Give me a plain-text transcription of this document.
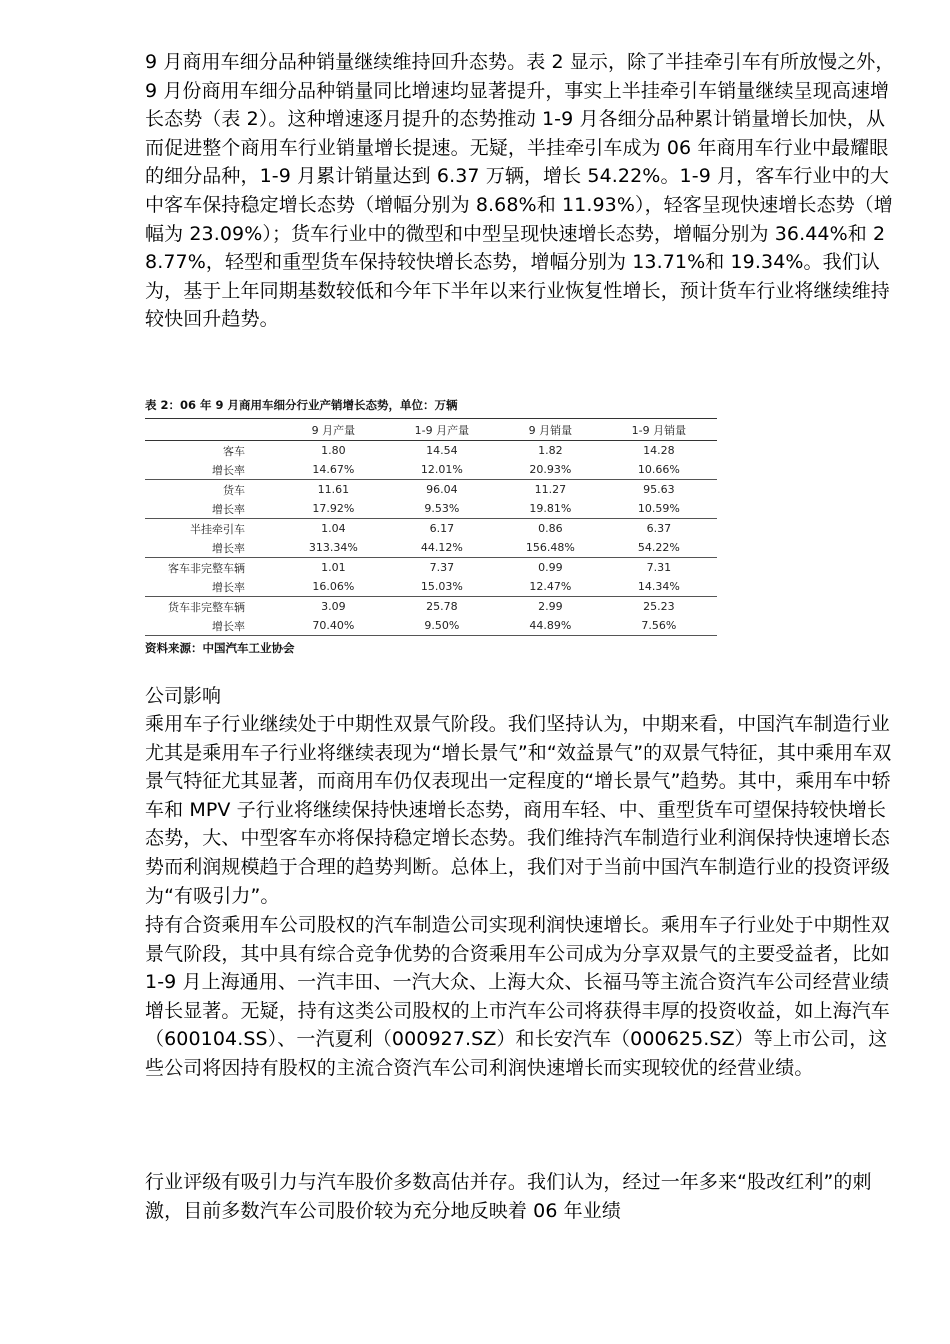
9 月商用车细分品种销量继续维持回升态势。表 2 显示，除了半挂牵引车有所放慢之外，9 月份商用车细分品种销量同比增速均显著提升，事实上半挂牵引车销量继续呈现高速增长态势（表 2）。这种增速逐月提升的态势推动 1-9 月各细分品种累计销量增长加快，从而促进整个商用车行业销量增长提速。无疑，半挂牵引车成为 06 年商用车行业中最耀眼的细分品种，1-9 月累计销量达到 6.37 万辆，增长 54.22%。1-9 月，客车行业中的大中客车保持稳定增长态势（增幅分别为 8.68%和 11.93%），轻客呈现快速增长态势（增幅为 23.09%）；货车行业中的微型和中型呈现快速增长态势，增幅分别为 36.44%和 28.77%，轻型和重型货车保持较快增长态势，增幅分别为 13.71%和 19.34%。我们认为，基于上年同期基数较低和今年下半年以来行业恢复性增长，预计货车行业将继续维持较快回升趋势。
表 2：06 年 9 月商用车细分行业产销增长态势，单位：万辆
	9 月产量	1-9 月产量	9 月销量	1-9 月销量
客车	1.80	14.54	1.82	14.28
增长率	14.67%	12.01%	20.93%	10.66%
货车	11.61	96.04	11.27	95.63
增长率	17.92%	9.53%	19.81%	10.59%
半挂牵引车	1.04	6.17	0.86	6.37
增长率	313.34%	44.12%	156.48%	54.22%
客车非完整车辆	1.01	7.37	0.99	7.31
增长率	16.06%	15.03%	12.47%	14.34%
货车非完整车辆	3.09	25.78	2.99	25.23
增长率	70.40%	9.50%	44.89%	7.56%
资料来源：中国汽车工业协会
公司影响
乘用车子行业继续处于中期性双景气阶段。我们坚持认为，中期来看，中国汽车制造行业尤其是乘用车子行业将继续表现为“增长景气”和“效益景气”的双景气特征，其中乘用车双景气特征尤其显著，而商用车仍仅表现出一定程度的“增长景气”趋势。其中，乘用车中轿车和 MPV 子行业将继续保持快速增长态势，商用车轻、中、重型货车可望保持较快增长态势，大、中型客车亦将保持稳定增长态势。我们维持汽车制造行业利润保持快速增长态势而利润规模趋于合理的趋势判断。总体上，我们对于当前中国汽车制造行业的投资评级为“有吸引力”。
持有合资乘用车公司股权的汽车制造公司实现利润快速增长。乘用车子行业处于中期性双景气阶段，其中具有综合竞争优势的合资乘用车公司成为分享双景气的主要受益者，比如 1-9 月上海通用、一汽丰田、一汽大众、上海大众、长福马等主流合资汽车公司经营业绩增长显著。无疑，持有这类公司股权的上市汽车公司将获得丰厚的投资收益，如上海汽车（600104.SS）、一汽夏利（000927.SZ）和长安汽车（000625.SZ）等上市公司，这些公司将因持有股权的主流合资汽车公司利润快速增长而实现较优的经营业绩。
行业评级有吸引力与汽车股价多数高估并存。我们认为，经过一年多来“股改红利”的刺激，目前多数汽车公司股价较为充分地反映着 06 年业绩
